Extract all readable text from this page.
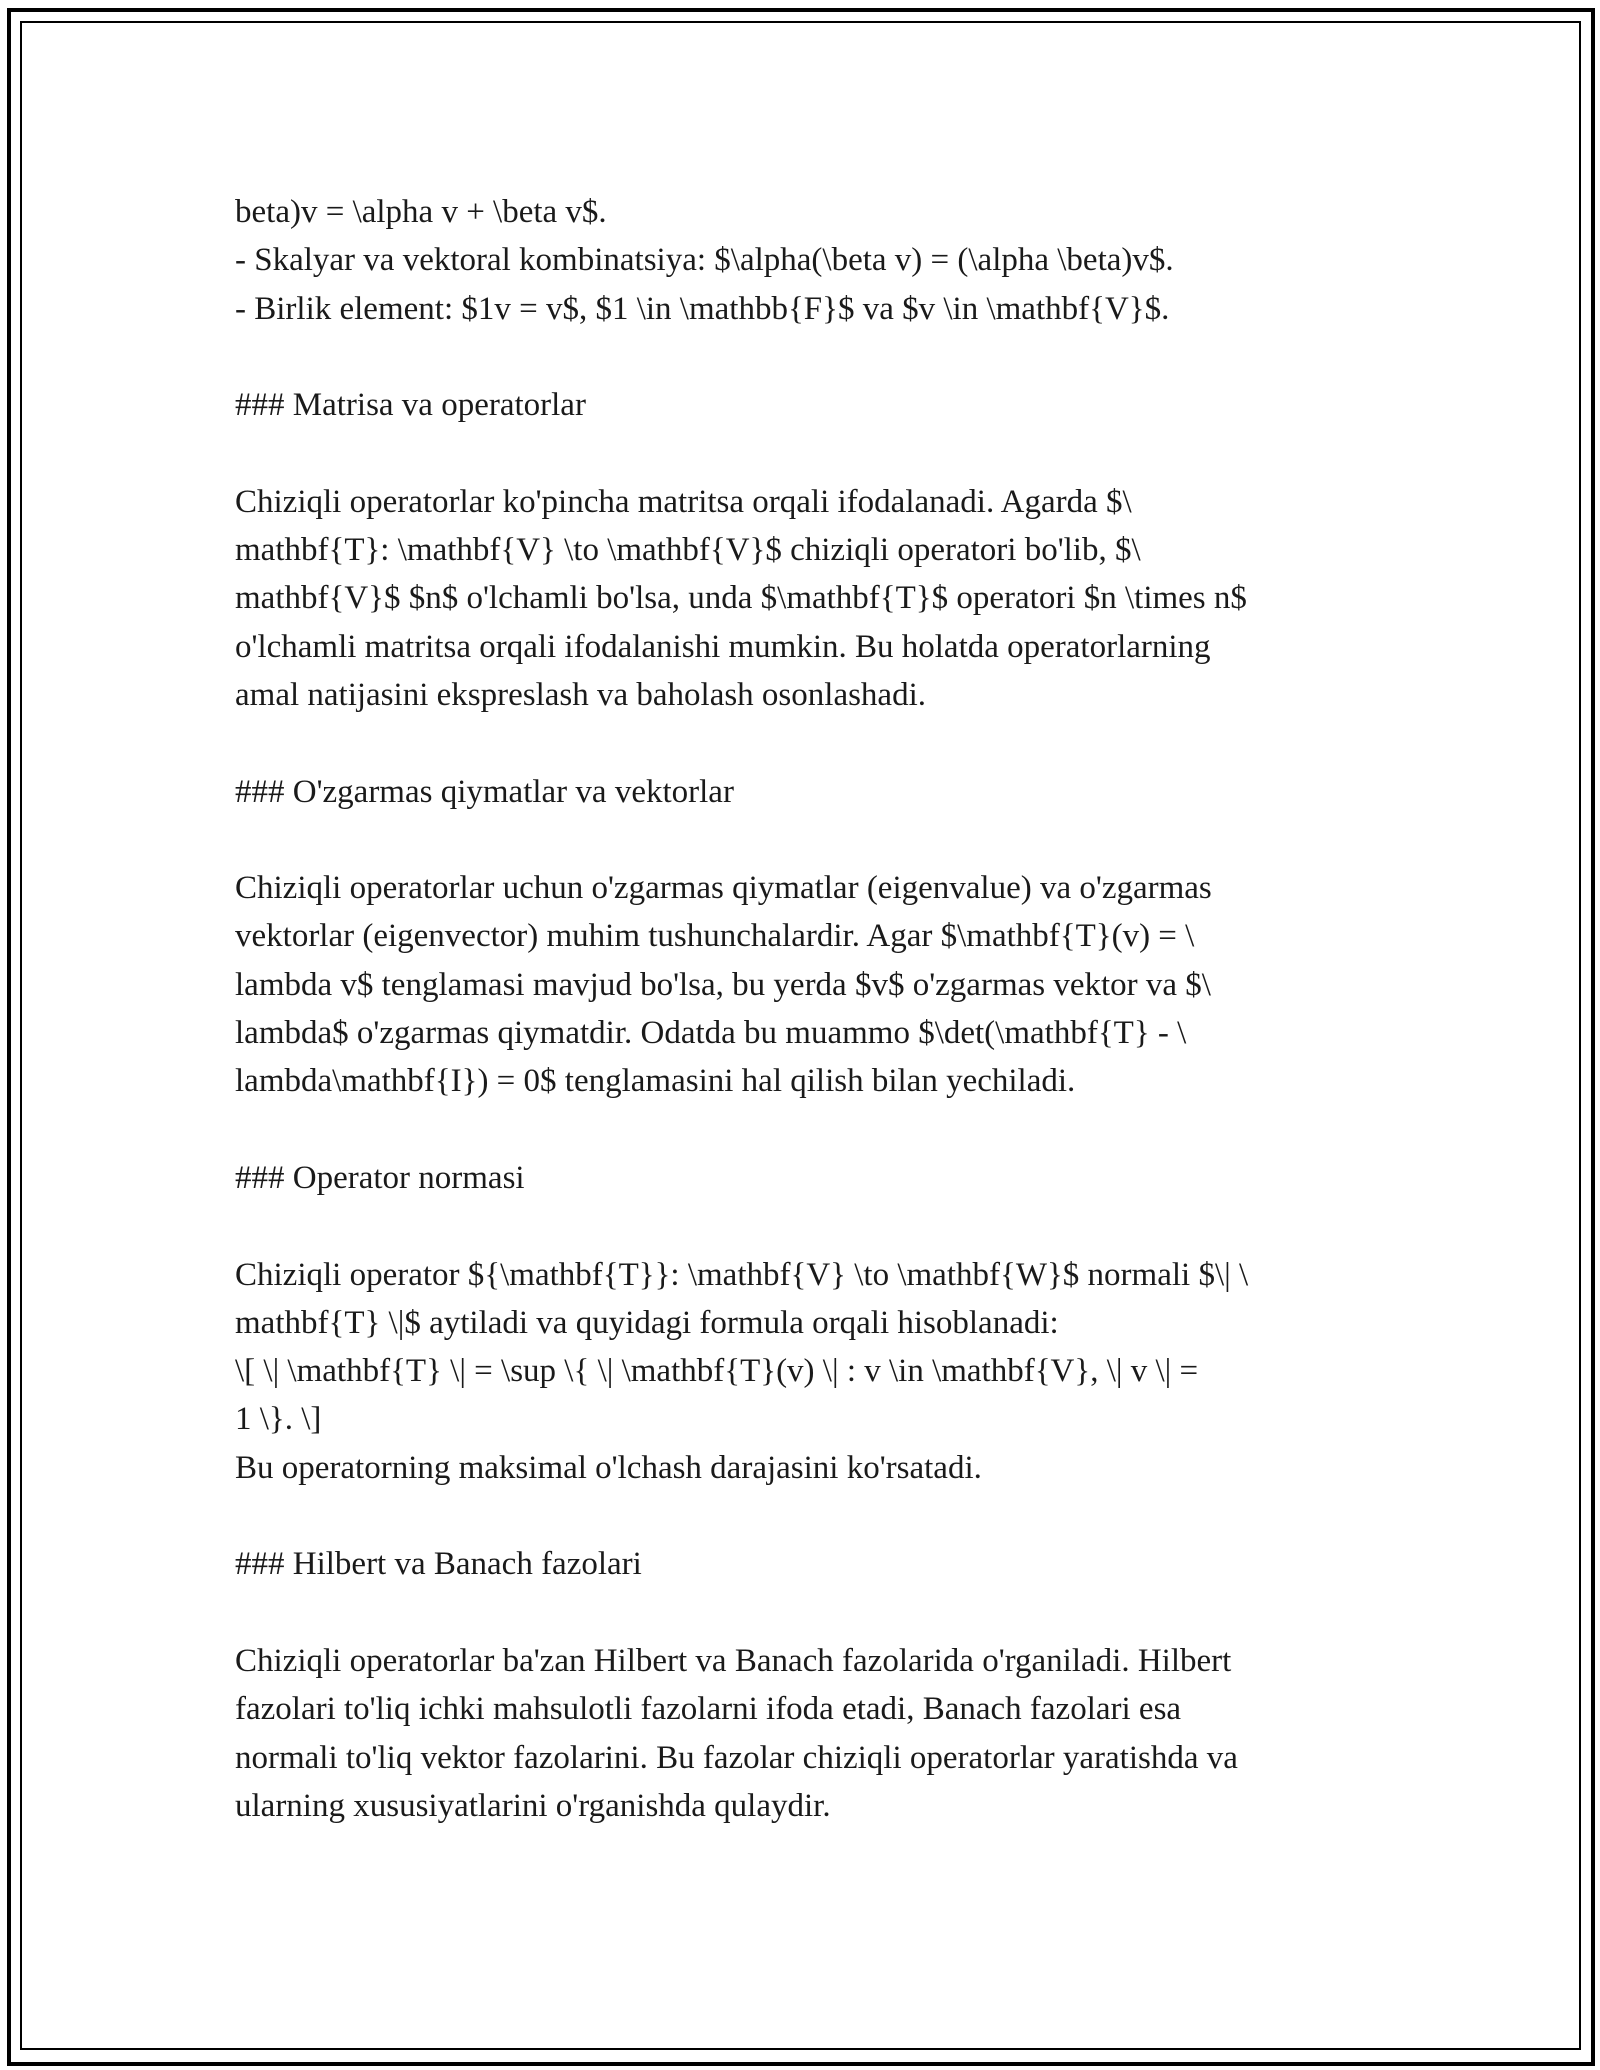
beta)v = \alpha v + \beta v$.
- Skalyar va vektoral kombinatsiya: $\alpha(\beta v) = (\alpha \beta)v$.
- Birlik element: $1v = v$, $1 \in \mathbb{F}$ va $v \in \mathbf{V}$.
### Matrisa va operatorlar
Chiziqli operatorlar ko'pincha matritsa orqali ifodalanadi. Agarda $\
mathbf{T}: \mathbf{V} \to \mathbf{V}$ chiziqli operatori bo'lib, $\
mathbf{V}$ $n$ o'lchamli bo'lsa, unda $\mathbf{T}$ operatori $n \times n$
o'lchamli matritsa orqali ifodalanishi mumkin. Bu holatda operatorlarning
amal natijasini ekspreslash va baholash osonlashadi.
### O'zgarmas qiymatlar va vektorlar
Chiziqli operatorlar uchun o'zgarmas qiymatlar (eigenvalue) va o'zgarmas
vektorlar (eigenvector) muhim tushunchalardir. Agar $\mathbf{T}(v) = \
lambda v$ tenglamasi mavjud bo'lsa, bu yerda $v$ o'zgarmas vektor va $\
lambda$ o'zgarmas qiymatdir. Odatda bu muammo $\det(\mathbf{T} - \
lambda\mathbf{I}) = 0$ tenglamasini hal qilish bilan yechiladi.
### Operator normasi
Chiziqli operator ${\mathbf{T}}: \mathbf{V} \to \mathbf{W}$ normali $\| \
mathbf{T} \|$ aytiladi va quyidagi formula orqali hisoblanadi:
\[ \| \mathbf{T} \| = \sup \{ \| \mathbf{T}(v) \| : v \in \mathbf{V}, \| v \| =
1 \}. \]
Bu operatorning maksimal o'lchash darajasini ko'rsatadi.
### Hilbert va Banach fazolari
Chiziqli operatorlar ba'zan Hilbert va Banach fazolarida o'rganiladi. Hilbert
fazolari to'liq ichki mahsulotli fazolarni ifoda etadi, Banach fazolari esa
normali to'liq vektor fazolarini. Bu fazolar chiziqli operatorlar yaratishda va
ularning xususiyatlarini o'rganishda qulaydir.
